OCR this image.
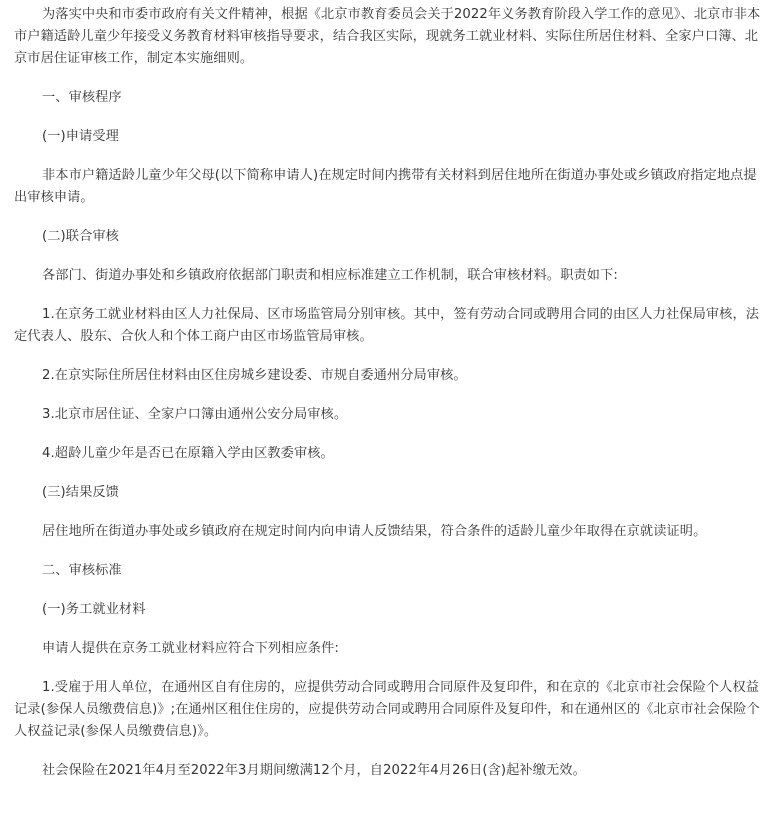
为落实中央和市委市政府有关文件精神，根据《北京市教育委员会关于2022年义务教育阶段入学工作的意见》、北京市非本市户籍适龄儿童少年接受义务教育材料审核指导要求，结合我区实际，现就务工就业材料、实际住所居住材料、全家户口簿、北京市居住证审核工作，制定本实施细则。

一、审核程序

(一)申请受理

非本市户籍适龄儿童少年父母(以下简称申请人)在规定时间内携带有关材料到居住地所在街道办事处或乡镇政府指定地点提出审核申请。

(二)联合审核

各部门、街道办事处和乡镇政府依据部门职责和相应标准建立工作机制，联合审核材料。职责如下:

1.在京务工就业材料由区人力社保局、区市场监管局分别审核。其中，签有劳动合同或聘用合同的由区人力社保局审核，法定代表人、股东、合伙人和个体工商户由区市场监管局审核。

2.在京实际住所居住材料由区住房城乡建设委、市规自委通州分局审核。

3.北京市居住证、全家户口簿由通州公安分局审核。

4.超龄儿童少年是否已在原籍入学由区教委审核。

(三)结果反馈

居住地所在街道办事处或乡镇政府在规定时间内向申请人反馈结果，符合条件的适龄儿童少年取得在京就读证明。

二、审核标准

(一)务工就业材料

申请人提供在京务工就业材料应符合下列相应条件:

1.受雇于用人单位，在通州区自有住房的，应提供劳动合同或聘用合同原件及复印件，和在京的《北京市社会保险个人权益记录(参保人员缴费信息)》;在通州区租住住房的，应提供劳动合同或聘用合同原件及复印件，和在通州区的《北京市社会保险个人权益记录(参保人员缴费信息)》。

社会保险在2021年4月至2022年3月期间缴满12个月，自2022年4月26日(含)起补缴无效。
